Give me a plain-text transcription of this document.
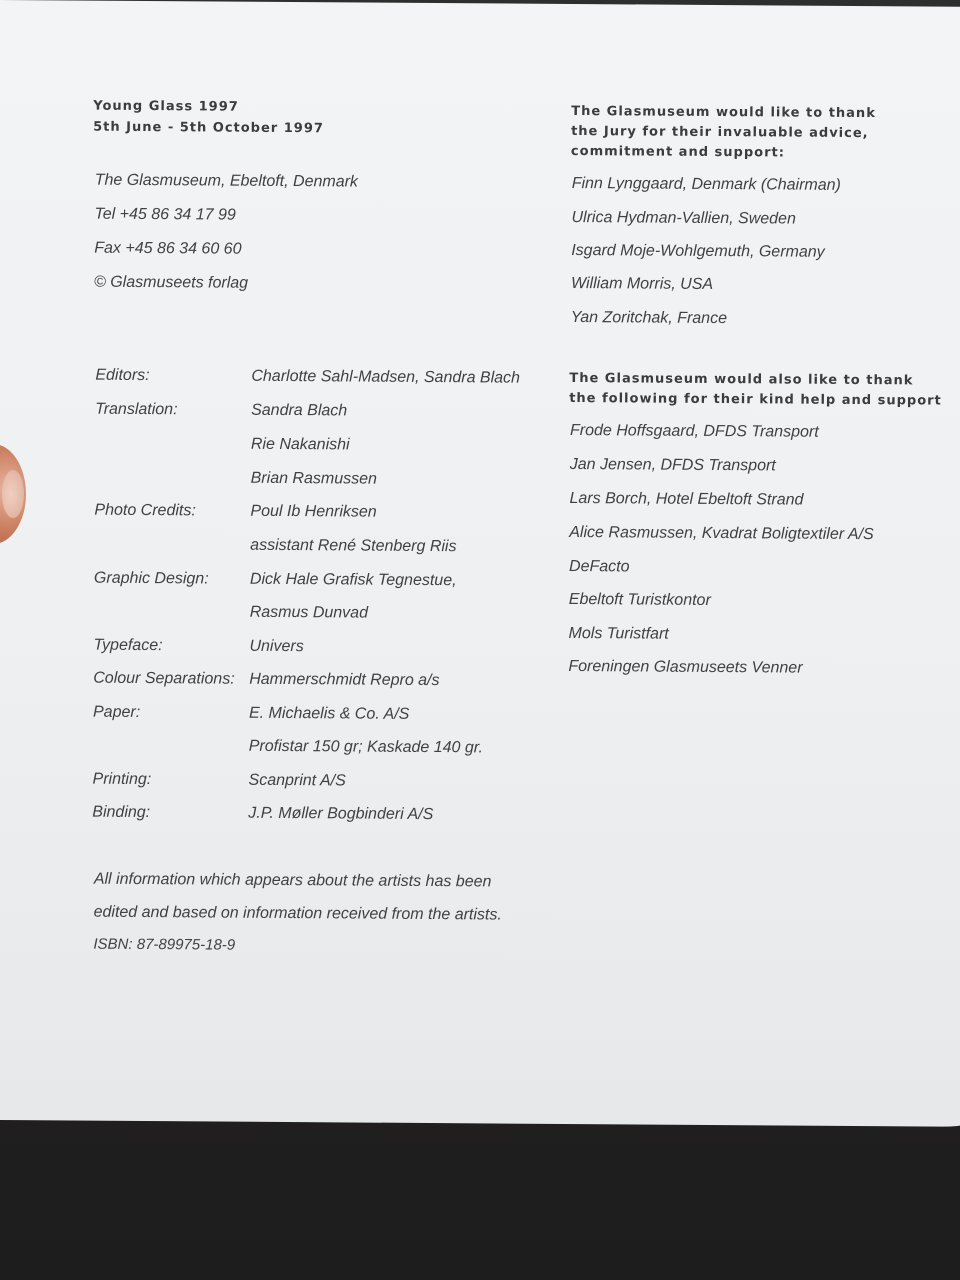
Young Glass 1997
5th June - 5th October 1997
The Glasmuseum, Ebeltoft, Denmark
Tel +45 86 34 17 99
Fax +45 86 34 60 60
© Glasmuseets forlag
Editors:	Charlotte Sahl-Madsen, Sandra Blach
Translation:	Sandra Blach
Rie Nakanishi
Brian Rasmussen
Photo Credits:	Poul Ib Henriksen
assistant René Stenberg Riis
Graphic Design:	Dick Hale Grafisk Tegnestue,
Rasmus Dunvad
Typeface:	Univers
Colour Separations: Hammerschmidt Repro a/s
Paper:	E. Michaelis & Co. A/S
Profistar 150 gr; Kaskade 140 gr.
Printing:	Scanprint A/S
Binding:	J.P. Møller Bogbinderi A/S
All information which appears about the artists has been
edited and based on information received from the artists.
ISBN: 87-89975-18-9
The Glasmuseum would like to thank
the Jury for their invaluable advice,
commitment and support:
Finn Lynggaard, Denmark (Chairman)
Ulrica Hydman-Vallien, Sweden
Isgard Moje-Wohlgemuth, Germany
William Morris, USA
Yan Zoritchak, France
The Glasmuseum would also like to thank
the following for their kind help and support
Frode Hoffsgaard, DFDS Transport
Jan Jensen, DFDS Transport
Lars Borch, Hotel Ebeltoft Strand
Alice Rasmussen, Kvadrat Boligtextiler A/S
DeFacto
Ebeltoft Turistkontor
Mols Turistfart
Foreningen Glasmuseets Venner
